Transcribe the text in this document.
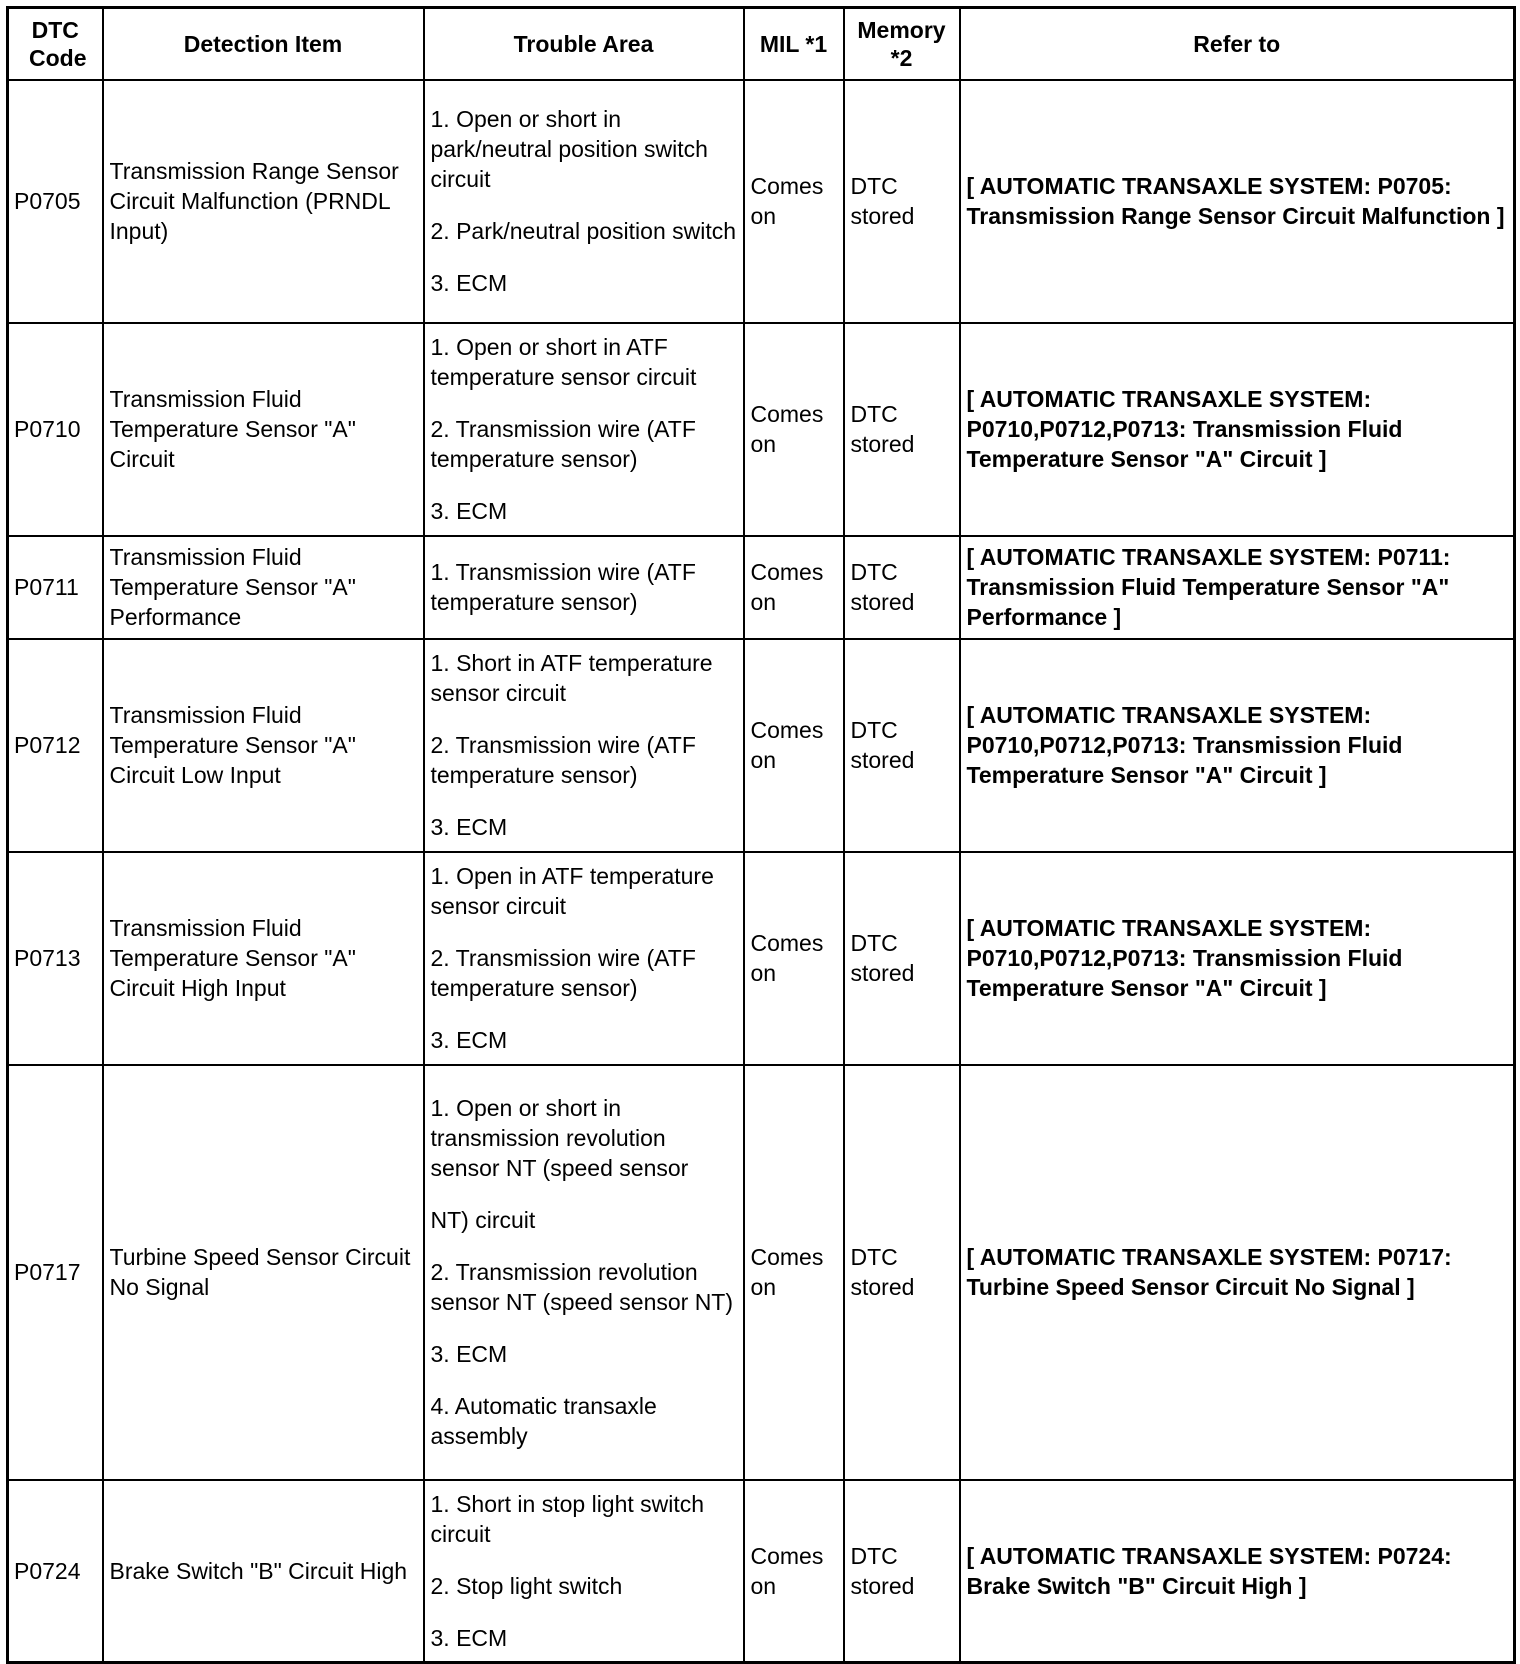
DTC Code	Detection Item	Trouble Area	MIL *1	Memory *2	Refer to
P0705	Transmission Range Sensor Circuit Malfunction (PRNDL Input)	1. Open or short in park/neutral position switch circuit
2. Park/neutral position switch
3. ECM	Comes on	DTC stored	[ AUTOMATIC TRANSAXLE SYSTEM: P0705: Transmission Range Sensor Circuit Malfunction ]
P0710	Transmission Fluid Temperature Sensor "A" Circuit	1. Open or short in ATF temperature sensor circuit
2. Transmission wire (ATF temperature sensor)
3. ECM	Comes on	DTC stored	[ AUTOMATIC TRANSAXLE SYSTEM: P0710,P0712,P0713: Transmission Fluid Temperature Sensor "A" Circuit ]
P0711	Transmission Fluid Temperature Sensor "A" Performance	1. Transmission wire (ATF temperature sensor)	Comes on	DTC stored	[ AUTOMATIC TRANSAXLE SYSTEM: P0711: Transmission Fluid Temperature Sensor "A" Performance ]
P0712	Transmission Fluid Temperature Sensor "A" Circuit Low Input	1. Short in ATF temperature sensor circuit
2. Transmission wire (ATF temperature sensor)
3. ECM	Comes on	DTC stored	[ AUTOMATIC TRANSAXLE SYSTEM: P0710,P0712,P0713: Transmission Fluid Temperature Sensor "A" Circuit ]
P0713	Transmission Fluid Temperature Sensor "A" Circuit High Input	1. Open in ATF temperature sensor circuit
2. Transmission wire (ATF temperature sensor)
3. ECM	Comes on	DTC stored	[ AUTOMATIC TRANSAXLE SYSTEM: P0710,P0712,P0713: Transmission Fluid Temperature Sensor "A" Circuit ]
P0717	Turbine Speed Sensor Circuit No Signal	1. Open or short in transmission revolution sensor NT (speed sensor
NT) circuit
2. Transmission revolution sensor NT (speed sensor NT)
3. ECM
4. Automatic transaxle assembly	Comes on	DTC stored	[ AUTOMATIC TRANSAXLE SYSTEM: P0717: Turbine Speed Sensor Circuit No Signal ]
P0724	Brake Switch "B" Circuit High	1. Short in stop light switch circuit
2. Stop light switch
3. ECM	Comes on	DTC stored	[ AUTOMATIC TRANSAXLE SYSTEM: P0724: Brake Switch "B" Circuit High ]
